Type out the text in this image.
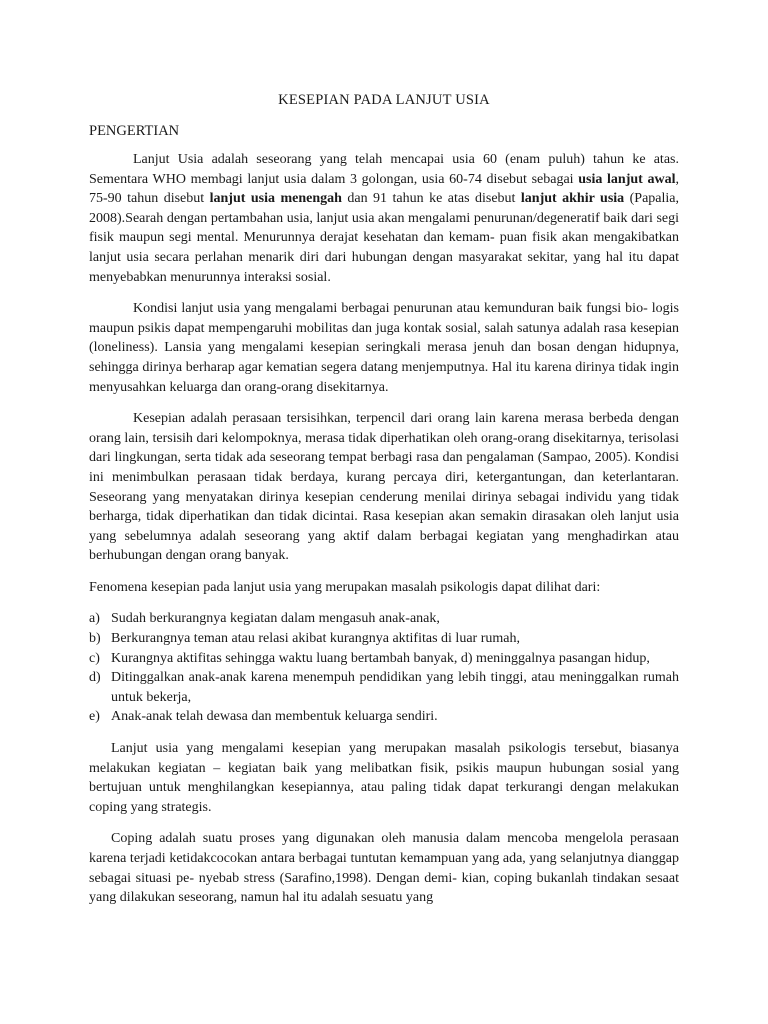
KESEPIAN PADA LANJUT USIA
PENGERTIAN

Lanjut Usia adalah seseorang yang telah mencapai usia 60 (enam puluh) tahun ke atas. Sementara WHO membagi lanjut usia dalam 3 golongan, usia 60-74 disebut sebagai usia lanjut awal, 75-90 tahun disebut lanjut usia menengah dan 91 tahun ke atas disebut lanjut akhir usia (Papalia, 2008).Searah dengan pertambahan usia, lanjut usia akan mengalami penurunan/degeneratif baik dari segi fisik maupun segi mental. Menurunnya derajat kesehatan dan kemam- puan fisik akan mengakibatkan lanjut usia secara perlahan menarik diri dari hubungan dengan masyarakat sekitar, yang hal itu dapat menyebabkan menurunnya interaksi sosial.

Kondisi lanjut usia yang mengalami berbagai penurunan atau kemunduran baik fungsi bio- logis maupun psikis dapat mempengaruhi mobilitas dan juga kontak sosial, salah satunya adalah rasa kesepian (loneliness). Lansia yang mengalami kesepian seringkali merasa jenuh dan bosan dengan hidupnya, sehingga dirinya berharap agar kematian segera datang menjemputnya. Hal itu karena dirinya tidak ingin menyusahkan keluarga dan orang-orang disekitarnya.

Kesepian adalah perasaan tersisihkan, terpencil dari orang lain karena merasa berbeda dengan orang lain, tersisih dari kelompoknya, merasa tidak diperhatikan oleh orang-orang disekitarnya, terisolasi dari lingkungan, serta tidak ada seseorang tempat berbagi rasa dan pengalaman (Sampao, 2005). Kondisi ini menimbulkan perasaan tidak berdaya, kurang percaya diri, ketergantungan, dan keterlantaran. Seseorang yang menyatakan dirinya kesepian cenderung menilai dirinya sebagai individu yang tidak berharga, tidak diperhatikan dan tidak dicintai. Rasa kesepian akan semakin dirasakan oleh lanjut usia yang sebelumnya adalah seseorang yang aktif dalam berbagai kegiatan yang menghadirkan atau berhubungan dengan orang banyak.

Fenomena kesepian pada lanjut usia yang merupakan masalah psikologis dapat dilihat dari:

a) Sudah berkurangnya kegiatan dalam mengasuh anak-anak,
b) Berkurangnya teman atau relasi akibat kurangnya aktifitas di luar rumah,
c) Kurangnya aktifitas sehingga waktu luang bertambah banyak, d) meninggalnya pasangan hidup,
d) Ditinggalkan anak-anak karena menempuh pendidikan yang lebih tinggi, atau meninggalkan rumah untuk bekerja,
e) Anak-anak telah dewasa dan membentuk keluarga sendiri.

Lanjut usia yang mengalami kesepian yang merupakan masalah psikologis tersebut, biasanya melakukan kegiatan – kegiatan baik yang melibatkan fisik, psikis maupun hubungan sosial yang bertujuan untuk menghilangkan kesepiannya, atau paling tidak dapat terkurangi dengan melakukan coping yang strategis.

Coping adalah suatu proses yang digunakan oleh manusia dalam mencoba mengelola perasaan karena terjadi ketidakcocokan antara berbagai tuntutan kemampuan yang ada, yang selanjutnya dianggap sebagai situasi pe- nyebab stress (Sarafino,1998). Dengan demi- kian, coping bukanlah tindakan sesaat yang dilakukan seseorang, namun hal itu adalah sesuatu yang
